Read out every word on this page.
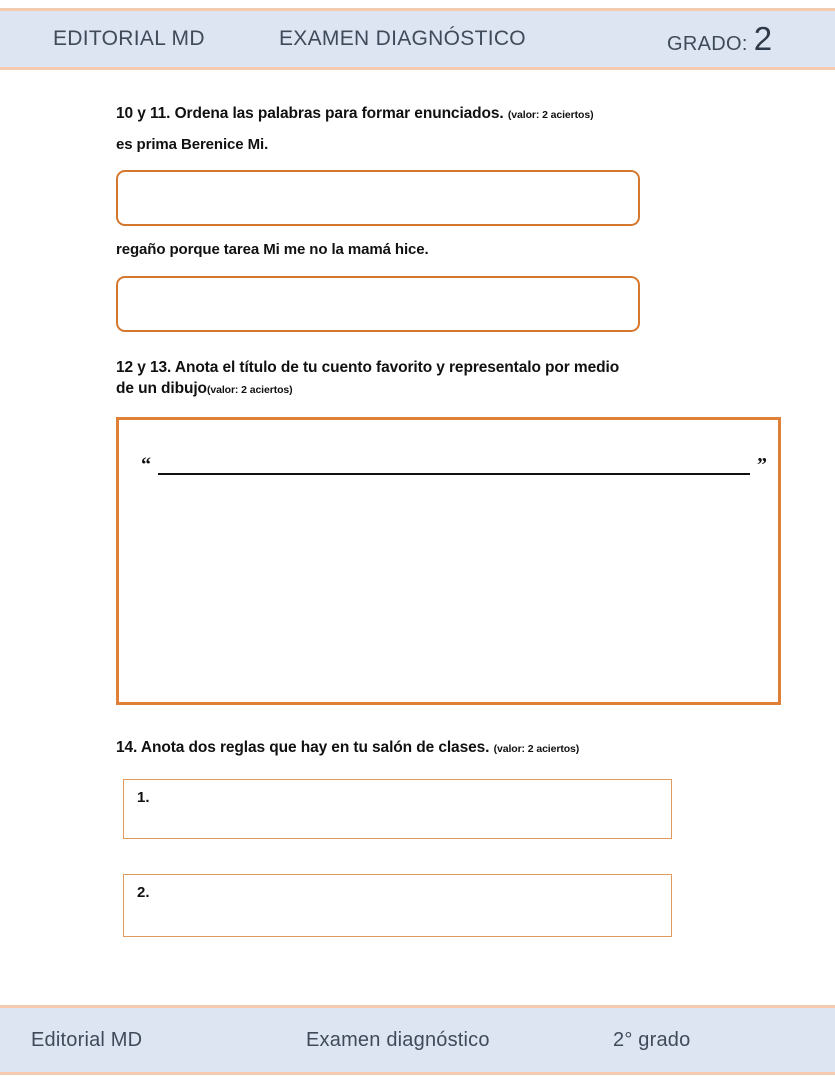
EDITORIAL MD	EXAMEN DIAGNÓSTICO	GRADO: 2
10 y 11. Ordena las palabras para formar enunciados. (valor: 2 aciertos)
es prima Berenice Mi.
regaño porque tarea Mi me no la mamá hice.
12 y 13. Anota el título de tu cuento favorito y representalo por medio
de un dibujo(valor: 2 aciertos)
“	”
14. Anota dos reglas que hay en tu salón de clases. (valor: 2 aciertos)
1.
2.
Editorial MD	Examen diagnóstico	2° grado
